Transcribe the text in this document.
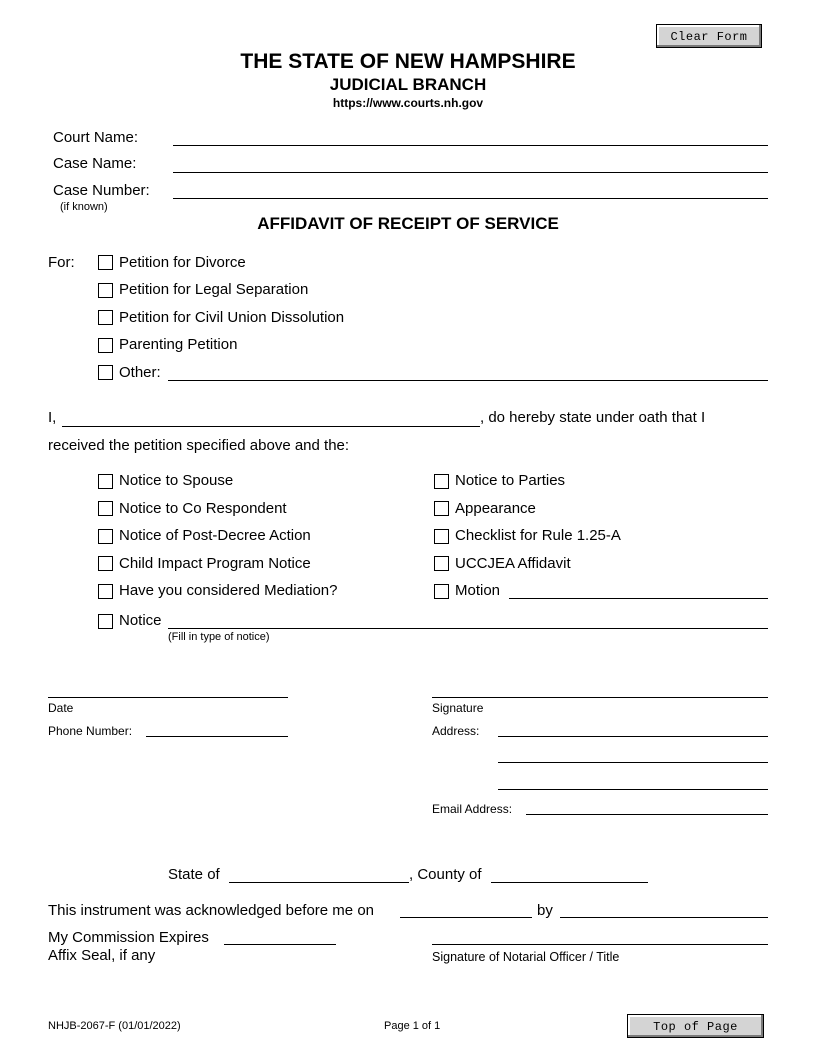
Clear Form
THE STATE OF NEW HAMPSHIRE
JUDICIAL BRANCH
https://www.courts.nh.gov
Court Name:
Case Name:
Case Number:
(if known)
AFFIDAVIT OF RECEIPT OF SERVICE
For:	Petition for Divorce
Petition for Legal Separation
Petition for Civil Union Dissolution
Parenting Petition
Other:
I,	, do hereby state under oath that I
received the petition specified above and the:
Notice to Spouse
Notice to Co Respondent
Notice of Post-Decree Action
Child Impact Program Notice
Have you considered Mediation?
Notice to Parties
Appearance
Checklist for Rule 1.25-A
UCCJEA Affidavit
Motion
Notice
(Fill in type of notice)
Date	Signature
Phone Number:	Address:
Email Address:
State of	, County of
This instrument was acknowledged before me on	by
My Commission Expires
Affix Seal, if any	Signature of Notarial Officer / Title
NHJB-2067-F (01/01/2022)	Page 1 of 1	Top of Page
